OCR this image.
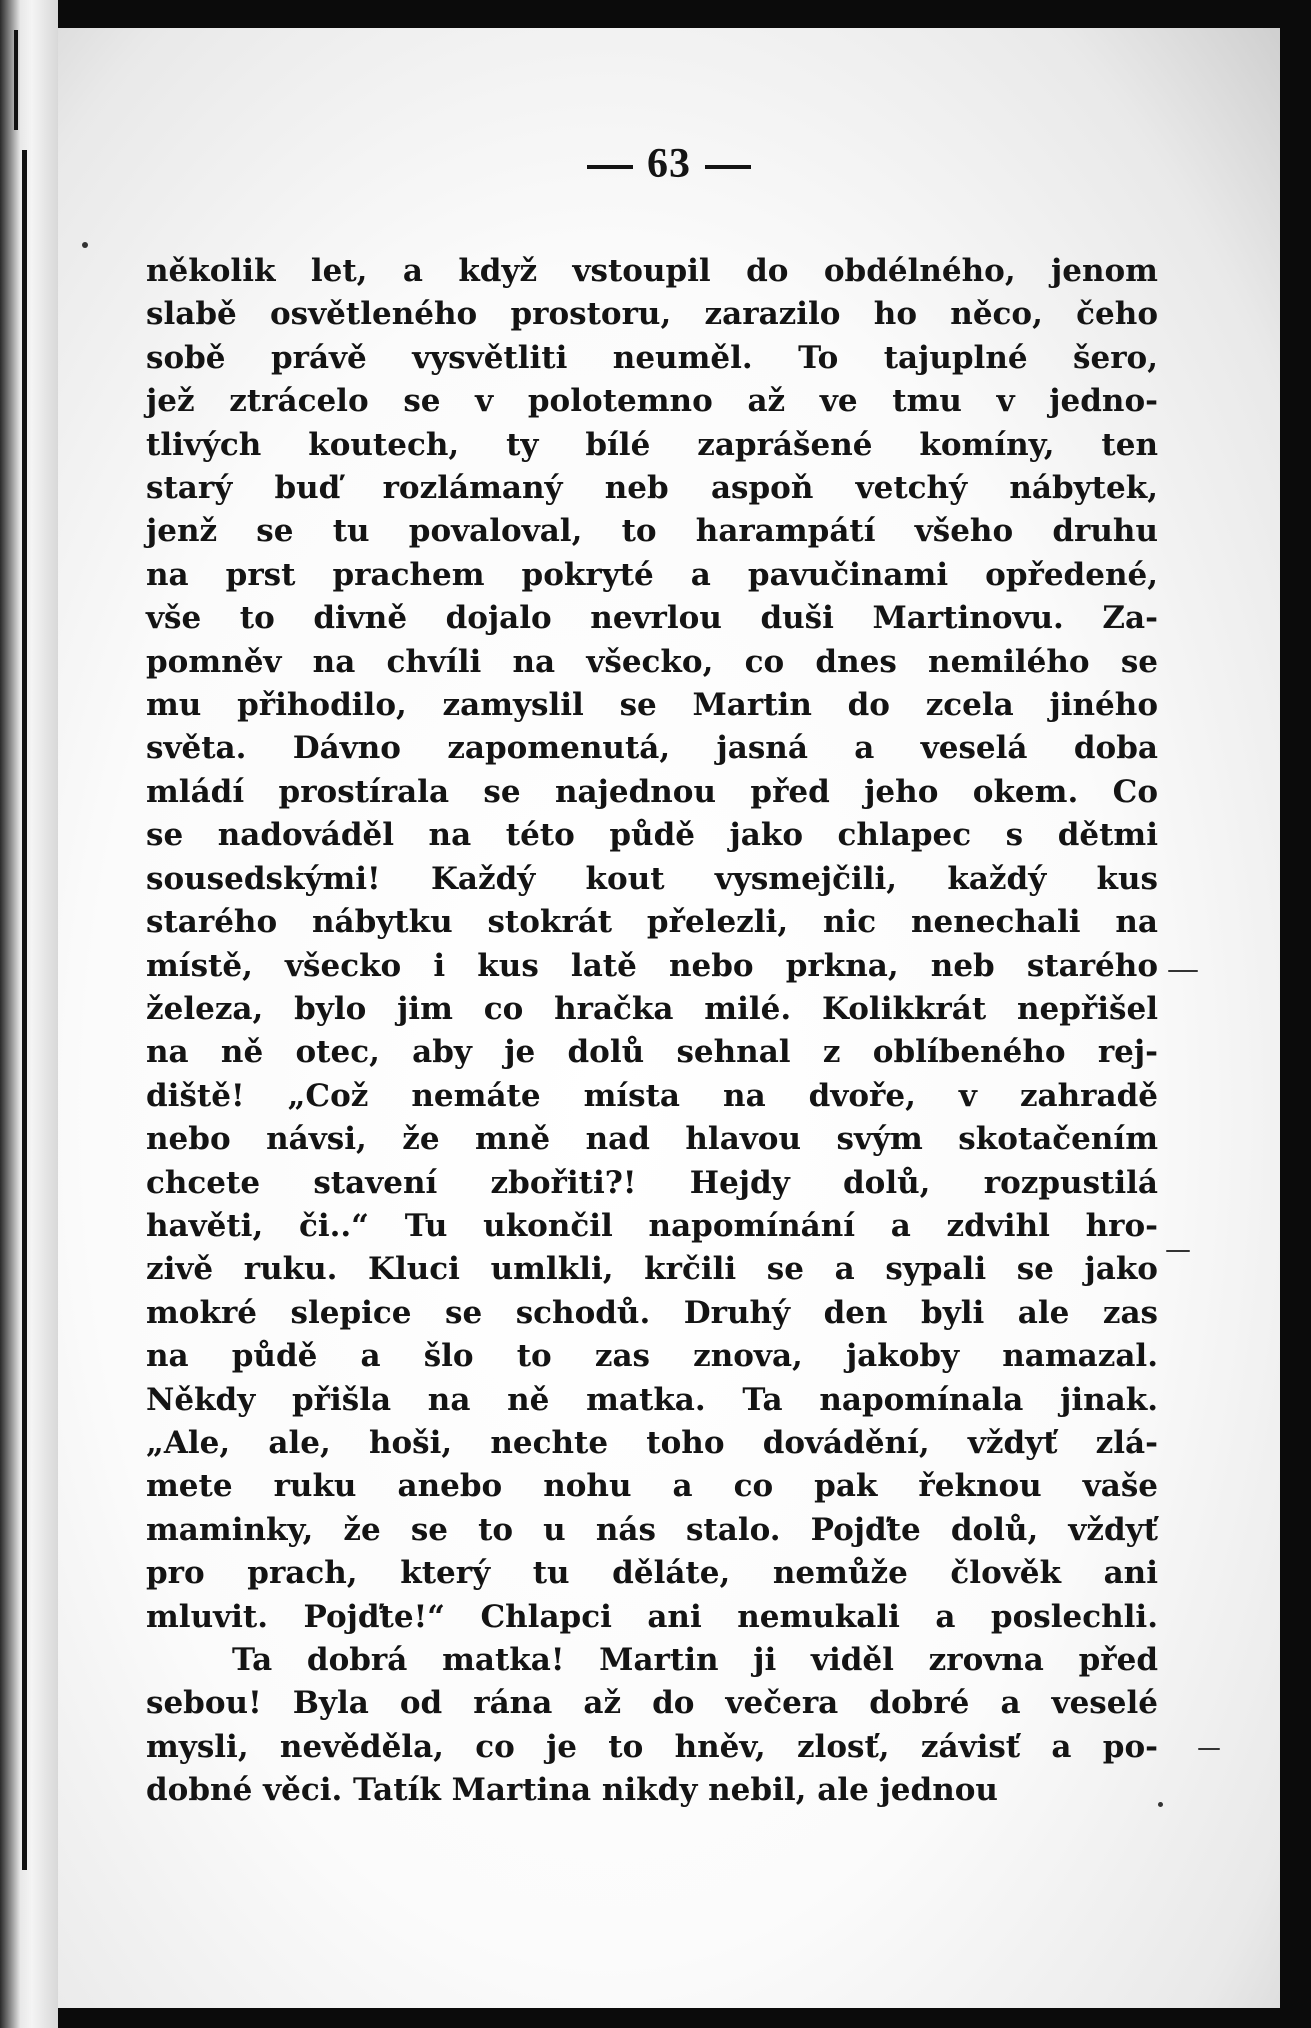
63
několik let, a když vstoupil do obdélného, jenom
slabě osvětleného prostoru, zarazilo ho něco, čeho
sobě právě vysvětliti neuměl. To tajuplné šero,
jež ztrácelo se v polotemno až ve tmu v jedno-
tlivých koutech, ty bílé zaprášené komíny, ten
starý buď rozlámaný neb aspoň vetchý nábytek,
jenž se tu povaloval, to harampátí všeho druhu
na prst prachem pokryté a pavučinami opředené,
vše to divně dojalo nevrlou duši Martinovu. Za-
pomněv na chvíli na všecko, co dnes nemilého se
mu přihodilo, zamyslil se Martin do zcela jiného
světa. Dávno zapomenutá, jasná a veselá doba
mládí prostírala se najednou před jeho okem. Co
se nadováděl na této půdě jako chlapec s dětmi
sousedskými! Každý kout vysmejčili, každý kus
starého nábytku stokrát přelezli, nic nenechali na
místě, všecko i kus latě nebo prkna, neb starého
železa, bylo jim co hračka milé. Kolikkrát nepřišel
na ně otec, aby je dolů sehnal z oblíbeného rej-
diště! „Což nemáte místa na dvoře, v zahradě
nebo návsi, že mně nad hlavou svým skotačením
chcete stavení zbořiti?! Hejdy dolů, rozpustilá
havěti, či..“ Tu ukončil napomínání a zdvihl hro-
zivě ruku. Kluci umlkli, krčili se a sypali se jako
mokré slepice se schodů. Druhý den byli ale zas
na půdě a šlo to zas znova, jakoby namazal.
Někdy přišla na ně matka. Ta napomínala jinak.
„Ale, ale, hoši, nechte toho dovádění, vždyť zlá-
mete ruku anebo nohu a co pak řeknou vaše
maminky, že se to u nás stalo. Pojďte dolů, vždyť
pro prach, který tu děláte, nemůže člověk ani
mluvit. Pojďte!“ Chlapci ani nemukali a poslechli.
Ta dobrá matka! Martin ji viděl zrovna před
sebou! Byla od rána až do večera dobré a veselé
mysli, nevěděla, co je to hněv, zlosť, závisť a po-
dobné věci. Tatík Martina nikdy nebil, ale jednou
